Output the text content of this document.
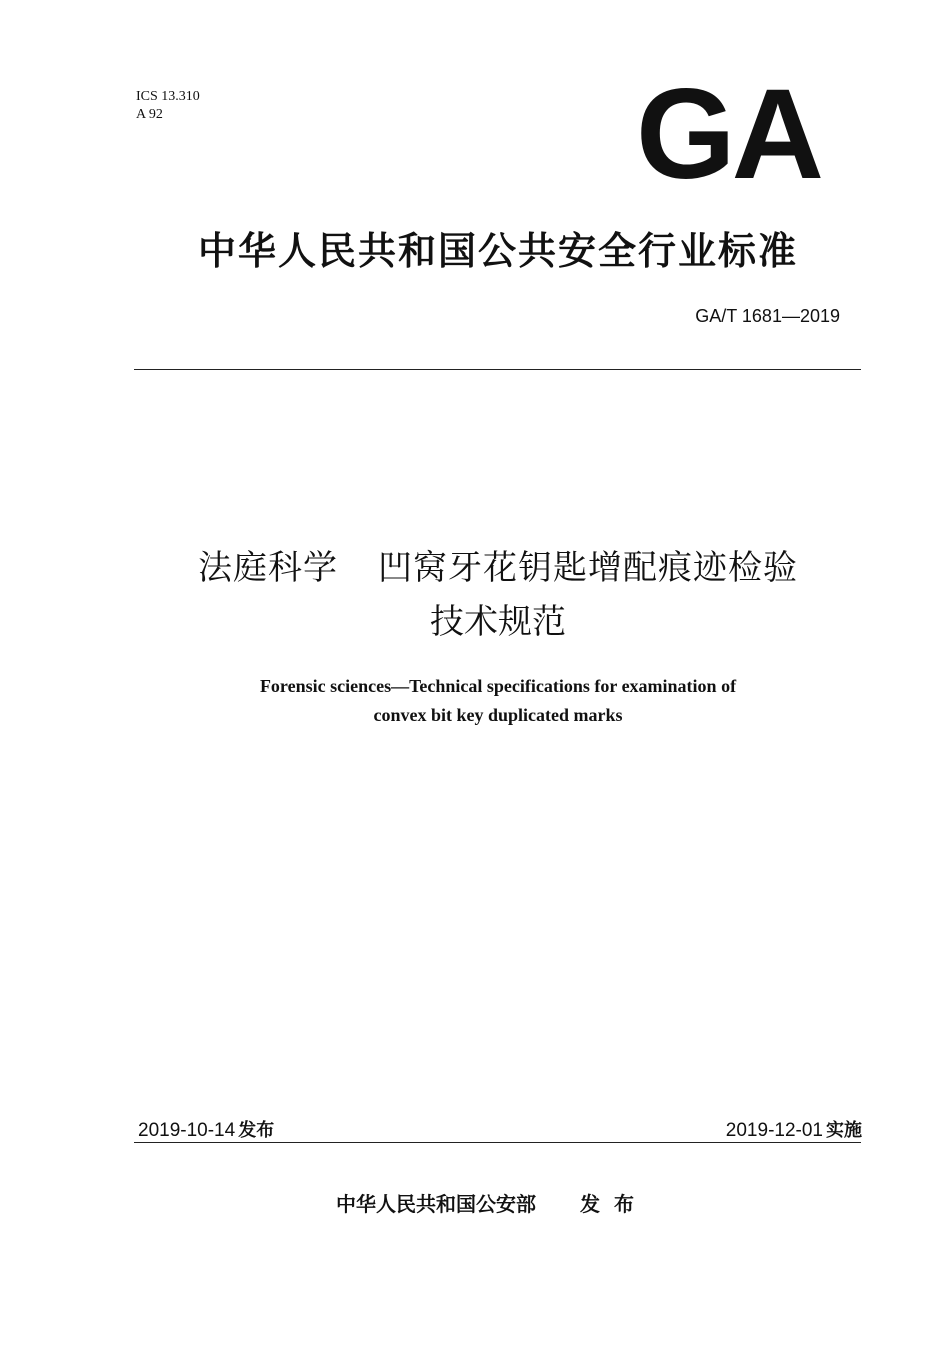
ICS 13.310
A 92	GA
中华人民共和国公共安全行业标准
GA/T 1681—2019
法庭科学 凹窝牙花钥匙增配痕迹检验
技术规范
Forensic sciences—Technical specifications for examination of
convex bit key duplicated marks
2019-10-14 发布	2019-12-01 实施
中华人民共和国公安部 发布
